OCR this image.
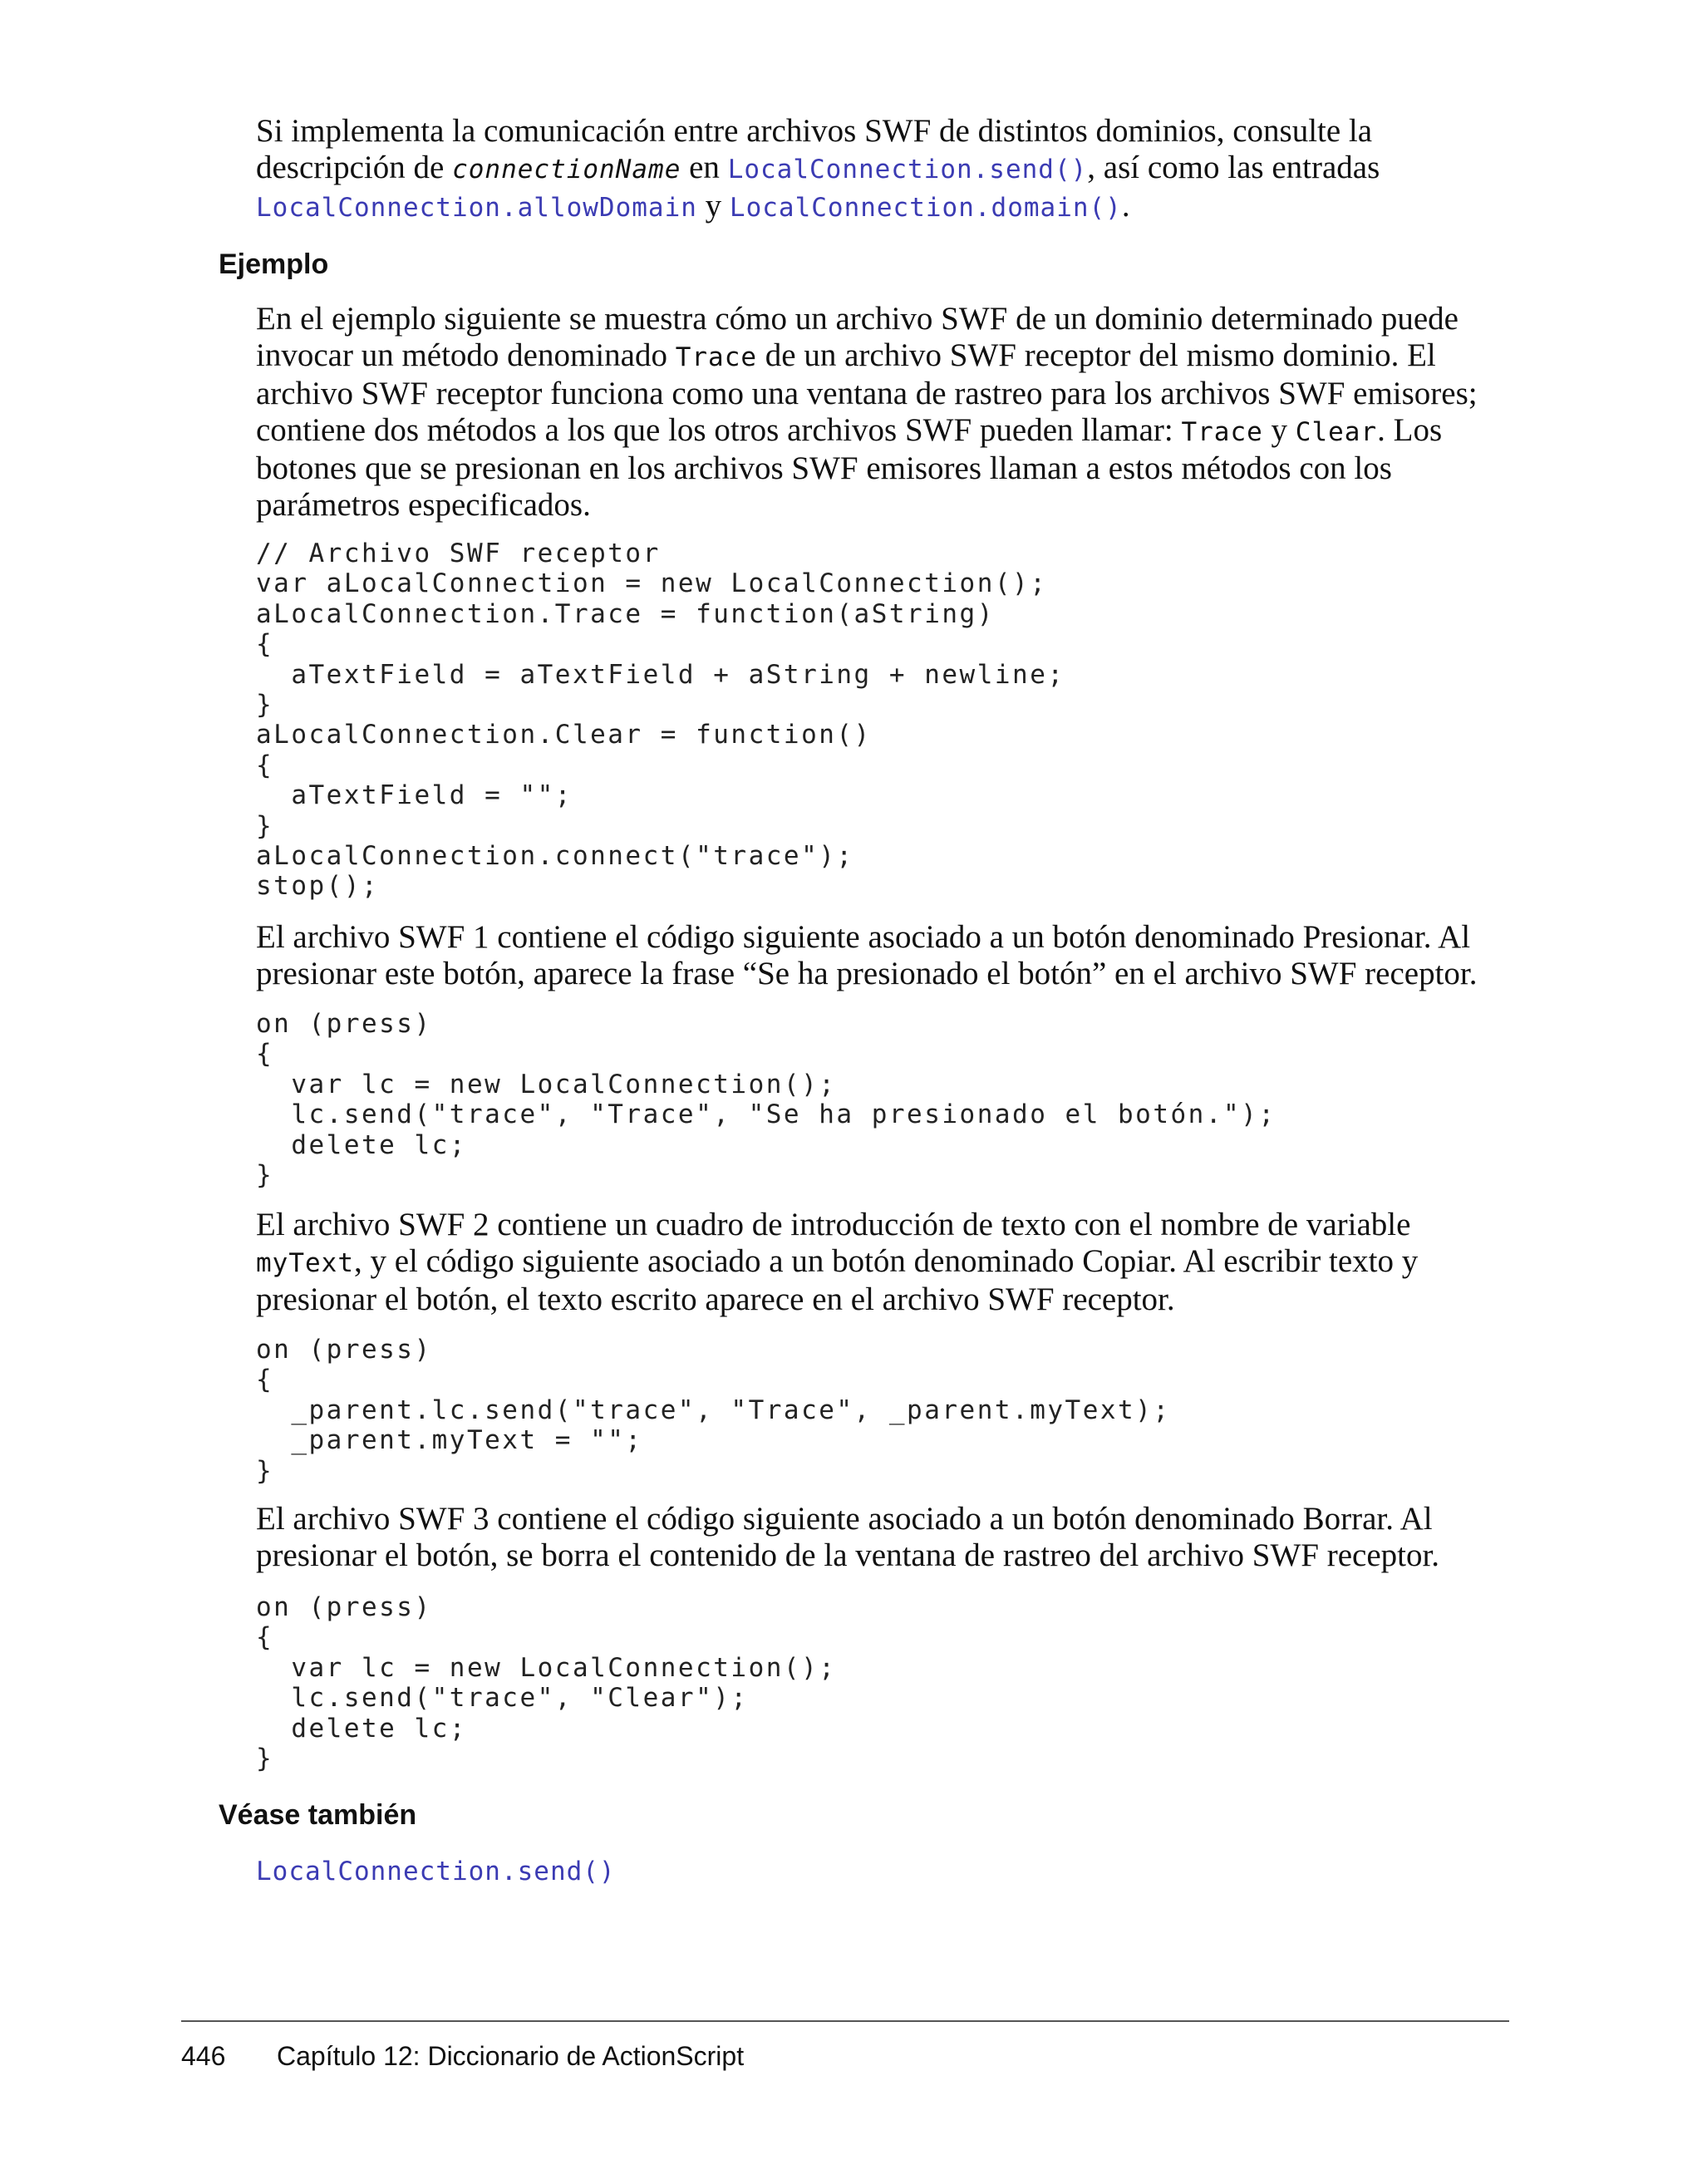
Si implementa la comunicación entre archivos SWF de distintos dominios, consulte la descripción de connectionName en LocalConnection.send(), así como las entradas LocalConnection.allowDomain y LocalConnection.domain().

Ejemplo

En el ejemplo siguiente se muestra cómo un archivo SWF de un dominio determinado puede invocar un método denominado Trace de un archivo SWF receptor del mismo dominio. El archivo SWF receptor funciona como una ventana de rastreo para los archivos SWF emisores; contiene dos métodos a los que los otros archivos SWF pueden llamar: Trace y Clear. Los botones que se presionan en los archivos SWF emisores llaman a estos métodos con los parámetros especificados.

// Archivo SWF receptor
var aLocalConnection = new LocalConnection();
aLocalConnection.Trace = function(aString)
{
aTextField = aTextField + aString + newline;
}
aLocalConnection.Clear = function()
{
aTextField = "";
}
aLocalConnection.connect("trace");
stop();

El archivo SWF 1 contiene el código siguiente asociado a un botón denominado Presionar. Al presionar este botón, aparece la frase “Se ha presionado el botón” en el archivo SWF receptor.

on (press)
{
var lc = new LocalConnection();
lc.send("trace", "Trace", "Se ha presionado el botón.");
delete lc;
}

El archivo SWF 2 contiene un cuadro de introducción de texto con el nombre de variable myText, y el código siguiente asociado a un botón denominado Copiar. Al escribir texto y presionar el botón, el texto escrito aparece en el archivo SWF receptor.

on (press)
{
_parent.lc.send("trace", "Trace", _parent.myText);
_parent.myText = "";
}

El archivo SWF 3 contiene el código siguiente asociado a un botón denominado Borrar. Al presionar el botón, se borra el contenido de la ventana de rastreo del archivo SWF receptor.

on (press)
{
var lc = new LocalConnection();
lc.send("trace", "Clear");
delete lc;
}
Véase también

LocalConnection.send()

446 Capítulo 12: Diccionario de ActionScript
